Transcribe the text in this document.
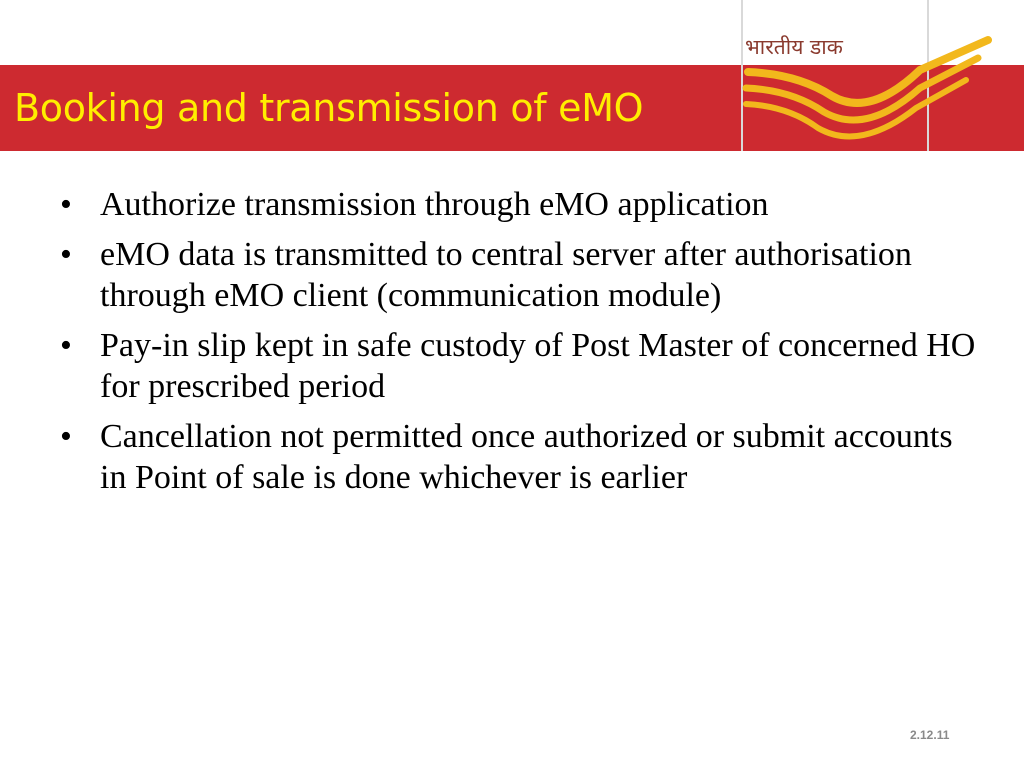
Booking and transmission of eMO
भारतीय डाक
• Authorize transmission through eMO application
• eMO data is transmitted to central server after authorisation through eMO client (communication module)
• Pay-in slip kept in safe custody of Post Master of concerned HO for prescribed period
• Cancellation not permitted once authorized or submit accounts in Point of sale is done whichever is earlier
2.12.11
